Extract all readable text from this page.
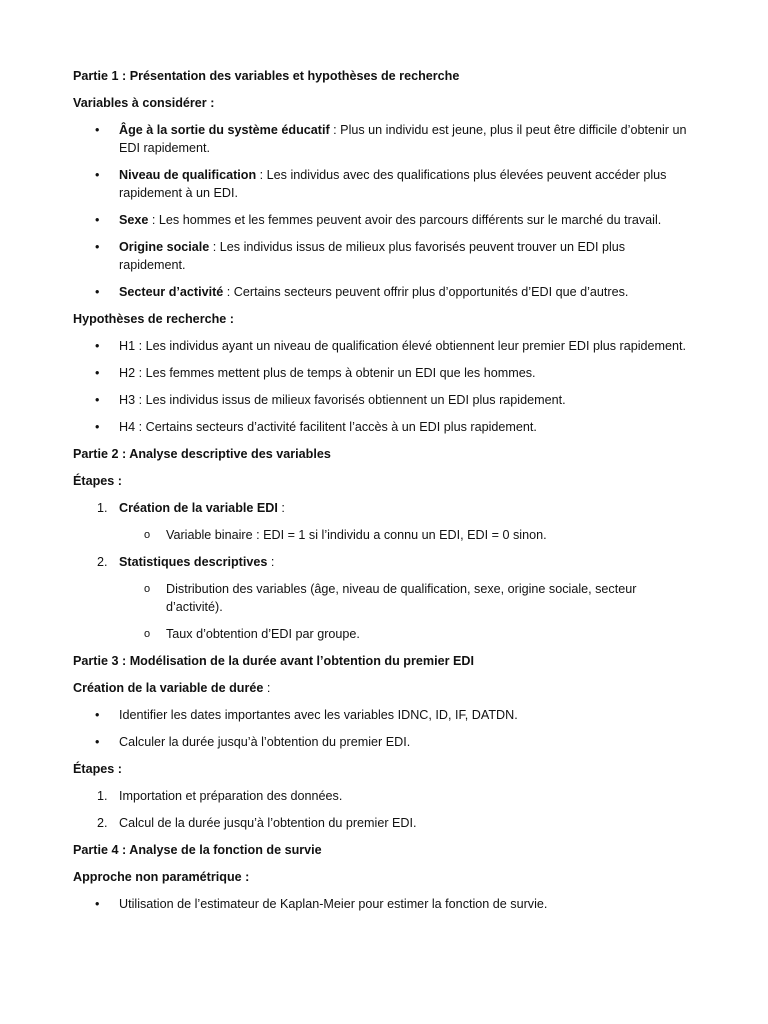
Partie 1 : Présentation des variables et hypothèses de recherche

Variables à considérer :

• Âge à la sortie du système éducatif : Plus un individu est jeune, plus il peut être difficile d’obtenir un EDI rapidement.
• Niveau de qualification : Les individus avec des qualifications plus élevées peuvent accéder plus rapidement à un EDI.
• Sexe : Les hommes et les femmes peuvent avoir des parcours différents sur le marché du travail.
• Origine sociale : Les individus issus de milieux plus favorisés peuvent trouver un EDI plus rapidement.
• Secteur d’activité : Certains secteurs peuvent offrir plus d’opportunités d’EDI que d’autres.

Hypothèses de recherche :

• H1 : Les individus ayant un niveau de qualification élevé obtiennent leur premier EDI plus rapidement.
• H2 : Les femmes mettent plus de temps à obtenir un EDI que les hommes.
• H3 : Les individus issus de milieux favorisés obtiennent un EDI plus rapidement.
• H4 : Certains secteurs d’activité facilitent l’accès à un EDI plus rapidement.

Partie 2 : Analyse descriptive des variables

Étapes :

1. Création de la variable EDI :
o Variable binaire : EDI = 1 si l’individu a connu un EDI, EDI = 0 sinon.
2. Statistiques descriptives :
o Distribution des variables (âge, niveau de qualification, sexe, origine sociale, secteur d’activité).
o Taux d’obtention d’EDI par groupe.

Partie 3 : Modélisation de la durée avant l’obtention du premier EDI

Création de la variable de durée :

• Identifier les dates importantes avec les variables IDNC, ID, IF, DATDN.
• Calculer la durée jusqu’à l’obtention du premier EDI.

Étapes :

1. Importation et préparation des données.
2. Calcul de la durée jusqu’à l’obtention du premier EDI.

Partie 4 : Analyse de la fonction de survie

Approche non paramétrique :

• Utilisation de l’estimateur de Kaplan-Meier pour estimer la fonction de survie.
